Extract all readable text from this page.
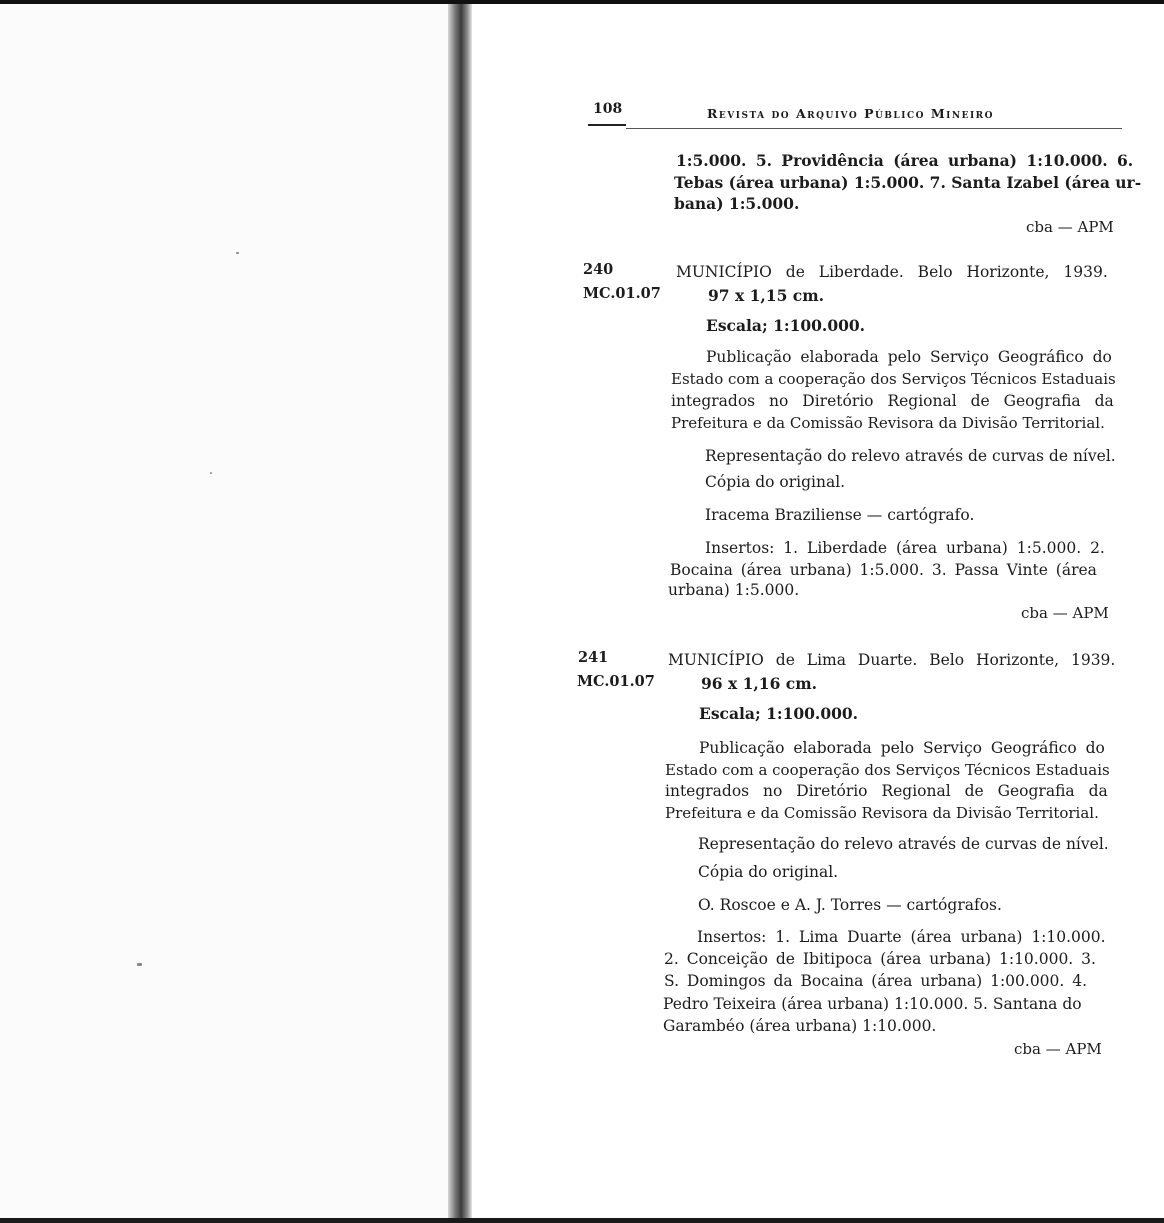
108	Revista do Arquivo Público Mineiro
1:5.000. 5. Providência (área urbana) 1:10.000. 6.
Tebas (área urbana) 1:5.000. 7. Santa Izabel (área ur-
bana) 1:5.000.
cba — APM
240
MC.01.07
MUNICÍPIO de Liberdade. Belo Horizonte, 1939.
97 x 1,15 cm.
Escala; 1:100.000.
Publicação elaborada pelo Serviço Geográfico do
Estado com a cooperação dos Serviços Técnicos Estaduais
integrados no Diretório Regional de Geografia da
Prefeitura e da Comissão Revisora da Divisão Territorial.
Representação do relevo através de curvas de nível.
Cópia do original.
Iracema Braziliense — cartógrafo.
Insertos: 1. Liberdade (área urbana) 1:5.000. 2.
Bocaina (área urbana) 1:5.000. 3. Passa Vinte (área
urbana) 1:5.000.
cba — APM
241
MC.01.07
MUNICÍPIO de Lima Duarte. Belo Horizonte, 1939.
96 x 1,16 cm.
Escala; 1:100.000.
Publicação elaborada pelo Serviço Geográfico do
Estado com a cooperação dos Serviços Técnicos Estaduais
integrados no Diretório Regional de Geografia da
Prefeitura e da Comissão Revisora da Divisão Territorial.
Representação do relevo através de curvas de nível.
Cópia do original.
O. Roscoe e A. J. Torres — cartógrafos.
Insertos: 1. Lima Duarte (área urbana) 1:10.000.
2. Conceição de Ibitipoca (área urbana) 1:10.000. 3.
S. Domingos da Bocaina (área urbana) 1:00.000. 4.
Pedro Teixeira (área urbana) 1:10.000. 5. Santana do
Garambéo (área urbana) 1:10.000.
cba — APM
